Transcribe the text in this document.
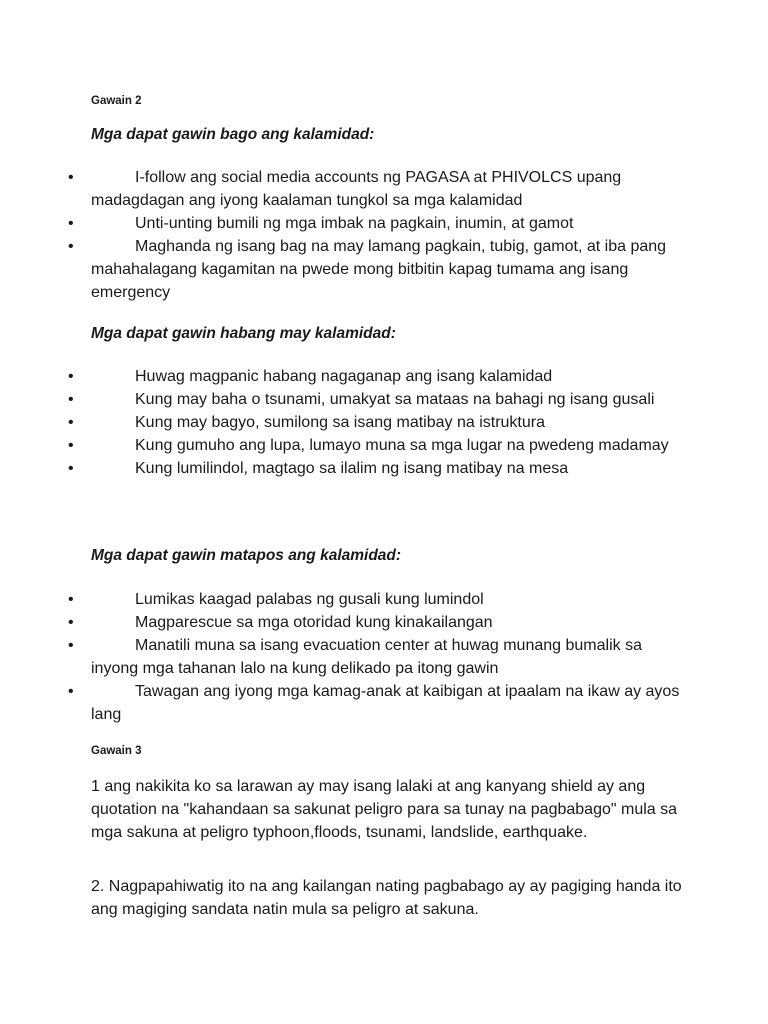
Gawain 2
Mga dapat gawin bago ang kalamidad:
•	I-follow ang social media accounts ng PAGASA at PHIVOLCS upang madagdagan ang iyong kaalaman tungkol sa mga kalamidad
•	Unti-unting bumili ng mga imbak na pagkain, inumin, at gamot
•	Maghanda ng isang bag na may lamang pagkain, tubig, gamot, at iba pang mahahalagang kagamitan na pwede mong bitbitin kapag tumama ang isang emergency
Mga dapat gawin habang may kalamidad:
•	Huwag magpanic habang nagaganap ang isang kalamidad
•	Kung may baha o tsunami, umakyat sa mataas na bahagi ng isang gusali
•	Kung may bagyo, sumilong sa isang matibay na istruktura
•	Kung gumuho ang lupa, lumayo muna sa mga lugar na pwedeng madamay
•	Kung lumilindol, magtago sa ilalim ng isang matibay na mesa
Mga dapat gawin matapos ang kalamidad:
•	Lumikas kaagad palabas ng gusali kung lumindol
•	Magparescue sa mga otoridad kung kinakailangan
•	Manatili muna sa isang evacuation center at huwag munang bumalik sa inyong mga tahanan lalo na kung delikado pa itong gawin
•	Tawagan ang iyong mga kamag-anak at kaibigan at ipaalam na ikaw ay ayos lang
Gawain 3

1 ang nakikita ko sa larawan ay may isang lalaki at ang kanyang shield ay ang quotation na "kahandaan sa sakunat peligro para sa tunay na pagbabago" mula sa mga sakuna at peligro typhoon,floods, tsunami, landslide, earthquake.

2. Nagpapahiwatig ito na ang kailangan nating pagbabago ay ay pagiging handa ito ang magiging sandata natin mula sa peligro at sakuna.
